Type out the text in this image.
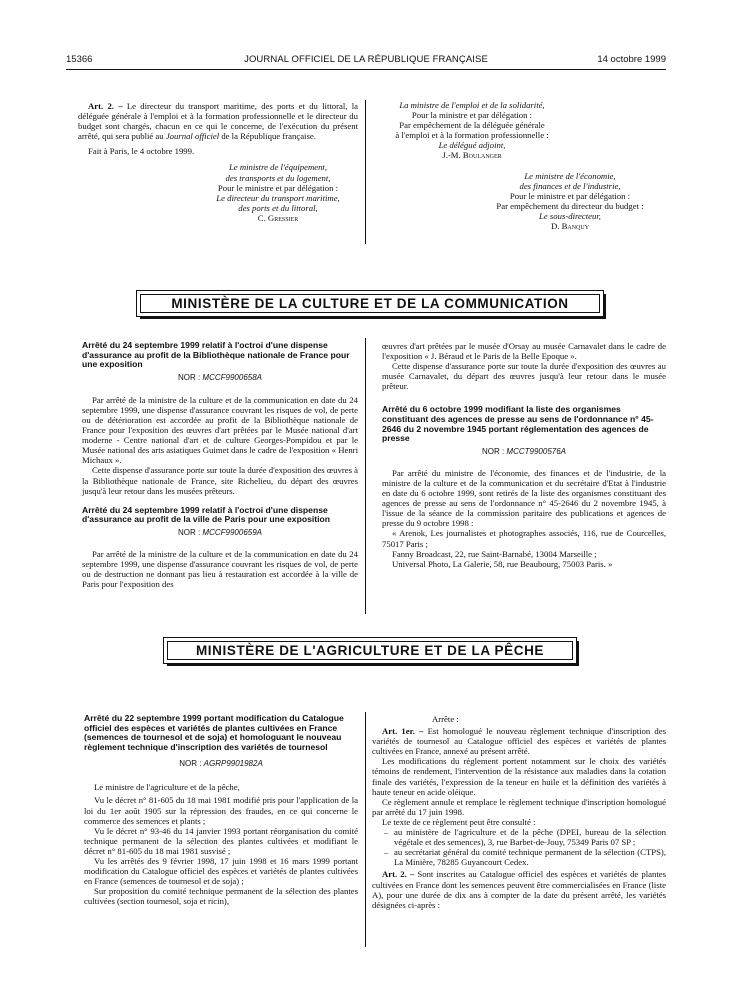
15366	JOURNAL OFFICIEL DE LA RÉPUBLIQUE FRANÇAISE	14 octobre 1999

Art. 2. – Le directeur du transport maritime, des ports et du littoral, la déléguée générale à l'emploi et à la formation professionnelle et le directeur du budget sont chargés, chacun en ce qui le concerne, de l'exécution du présent arrêté, qui sera publié au Journal officiel de la République française.

Fait à Paris, le 4 octobre 1999.

Le ministre de l'équipement,
des transports et du logement,
Pour le ministre et par délégation :
Le directeur du transport maritime,
des ports et du littoral,
C. Gressier
La ministre de l'emploi et de la solidarité,
Pour la ministre et par délégation :
Par empêchement de la déléguée générale
à l'emploi et à la formation professionnelle :
Le délégué adjoint,
J.-M. Boulanger
Le ministre de l'économie,
des finances et de l'industrie,
Pour le ministre et par délégation :
Par empêchement du directeur du budget :
Le sous-directeur,
D. Banquy
MINISTÈRE DE LA CULTURE ET DE LA COMMUNICATION

Arrêté du 24 septembre 1999 relatif à l'octroi d'une dispense d'assurance au profit de la Bibliothèque nationale de France pour une exposition

NOR : MCCF9900658A

Par arrêté de la ministre de la culture et de la communication en date du 24 septembre 1999, une dispense d'assurance couvrant les risques de vol, de perte ou de détérioration est accordée au profit de la Bibliothèque nationale de France pour l'exposition des œuvres d'art prêtées par le Musée national d'art moderne - Centre national d'art et de culture Georges-Pompidou et par le Musée national des arts asiatiques Guimet dans le cadre de l'exposition « Henri Michaux ».

Cette dispense d'assurance porte sur toute la durée d'exposition des œuvres à la Bibliothèque nationale de France, site Richelieu, du départ des œuvres jusqu'à leur retour dans les musées prêteurs.

Arrêté du 24 septembre 1999 relatif à l'octroi d'une dispense d'assurance au profit de la ville de Paris pour une exposition

NOR : MCCF9900659A

Par arrêté de la ministre de la culture et de la communication en date du 24 septembre 1999, une dispense d'assurance couvrant les risques de vol, de perte ou de destruction ne donnant pas lieu à restauration est accordée à la ville de Paris pour l'exposition des

œuvres d'art prêtées par le musée d'Orsay au musée Carnavalet dans le cadre de l'exposition « J. Béraud et le Paris de la Belle Epoque ».

Cette dispense d'assurance porte sur toute la durée d'exposition des œuvres au musée Carnavalet, du départ des œuvres jusqu'à leur retour dans le musée prêteur.

Arrêté du 6 octobre 1999 modifiant la liste des organismes constituant des agences de presse au sens de l'ordonnance n° 45-2646 du 2 novembre 1945 portant réglementation des agences de presse

NOR : MCCT9900576A

Par arrêté du ministre de l'économie, des finances et de l'industrie, de la ministre de la culture et de la communication et du secrétaire d'Etat à l'industrie en date du 6 octobre 1999, sont retirés de la liste des organismes constituant des agences de presse au sens de l'ordonnance n° 45-2646 du 2 novembre 1945, à l'issue de la séance de la commission paritaire des publications et agences de presse du 9 octobre 1998 :

« Arenok, Les journalistes et photographes associés, 116, rue de Courcelles, 75017 Paris ;

Fanny Broadcast, 22, rue Saint-Barnabé, 13004 Marseille ;

Universal Photo, La Galerie, 58, rue Beaubourg, 75003 Paris. »

MINISTÈRE DE L'AGRICULTURE ET DE LA PÊCHE

Arrêté du 22 septembre 1999 portant modification du Catalogue officiel des espèces et variétés de plantes cultivées en France (semences de tournesol et de soja) et homologuant le nouveau règlement technique d'inscription des variétés de tournesol

NOR : AGRP9901982A

Le ministre de l'agriculture et de la pêche,

Vu le décret n° 81-605 du 18 mai 1981 modifié pris pour l'application de la loi du 1er août 1905 sur la répression des fraudes, en ce qui concerne le commerce des semences et plants ;

Vu le décret n° 93-46 du 14 janvier 1993 portant réorganisation du comité technique permanent de la sélection des plantes cultivées et modifiant le décret n° 81-605 du 18 mai 1981 susvisé ;

Vu les arrêtés des 9 février 1998, 17 juin 1998 et 16 mars 1999 portant modification du Catalogue officiel des espèces et variétés de plantes cultivées en France (semences de tournesol et de soja) ;

Sur proposition du comité technique permanent de la sélection des plantes cultivées (section tournesol, soja et ricin),

Arrête :

Art. 1er. – Est homologué le nouveau règlement technique d'inscription des variétés de tournesol au Catalogue officiel des espèces et variétés de plantes cultivées en France, annexé au présent arrêté.

Les modifications du règlement portent notamment sur le choix des variétés témoins de rendement, l'intervention de la résistance aux maladies dans la cotation finale des variétés, l'expression de la teneur en huile et la définition des variétés à haute teneur en acide oléique.

Ce règlement annule et remplace le règlement technique d'inscription homologué par arrêté du 17 juin 1998.

Le texte de ce règlement peut être consulté :

– au ministère de l'agriculture et de la pêche (DPEI, bureau de la sélection végétale et des semences), 3, rue Barbet-de-Jouy, 75349 Paris 07 SP ;

– au secrétariat général du comité technique permanent de la sélection (CTPS), La Minière, 78285 Guyancourt Cedex.

Art. 2. – Sont inscrites au Catalogue officiel des espèces et variétés de plantes cultivées en France dont les semences peuvent être commercialisées en France (liste A), pour une durée de dix ans à compter de la date du présent arrêté, les variétés désignées ci-après :
